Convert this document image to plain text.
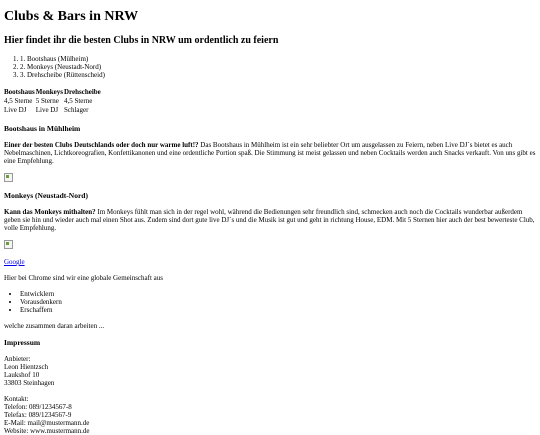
Clubs & Bars in NRW
Hier findet ihr die besten Clubs in NRW um ordentlich zu feiern
1. 1. Bootshaus (Mülheim)
2. 2. Monkeys (Neustadt-Nord)
3. 3. Drehscheibe (Rüttenscheid)
Bootshaus	Monkeys	Drehscheibe
4,5 Sterne	5 Sterne	4,5 Sterne
Live DJ	Live DJ	Schlager
Bootshaus in Mühlheim

Einer der besten Clubs Deutschlands oder doch nur warme luft!? Das Bootshaus in Mühlheim ist ein sehr beliebter Ort um ausgelassen zu Feiern, neben Live DJ´s bietet es auch Nebelmaschinen, Lichtkoreografien, Konfettikanonen und eine ordentliche Portion spaß. Die Stimmung ist meist gelassen und neben Cocktails werden auch Snacks verkauft. Von uns gibt es eine Empfehlung.

Monkeys (Neustadt-Nord)

Kann das Monkeys mithalten? Im Monkeys fühlt man sich in der regel wohl, während die Bedienungen sehr freundlich sind, schmecken auch noch die Cocktails wunderbar außerdem geben sie hin und wieder auch mal einen Shot aus. Zudem sind dort gute live DJ´s und die Musik ist gut und geht in richtung House, EDM. Mit 5 Sternen hier auch der best bewerteste Club, volle Empfehlung.

Google

Hier bei Chrome sind wir eine globale Gemeinschaft aus

• Entwicklern
• Vorausdenkern
• Erschaffern

welche zusammen daran arbeiten ...

Impressum
Anbieter:
Leon Hientzsch
Laukshof 10
33803 Steinhagen
Kontakt:
Telefon: 089/1234567-8
Telefax: 089/1234567-9
E-Mail: mail@mustermann.de
Website: www.mustermann.de
